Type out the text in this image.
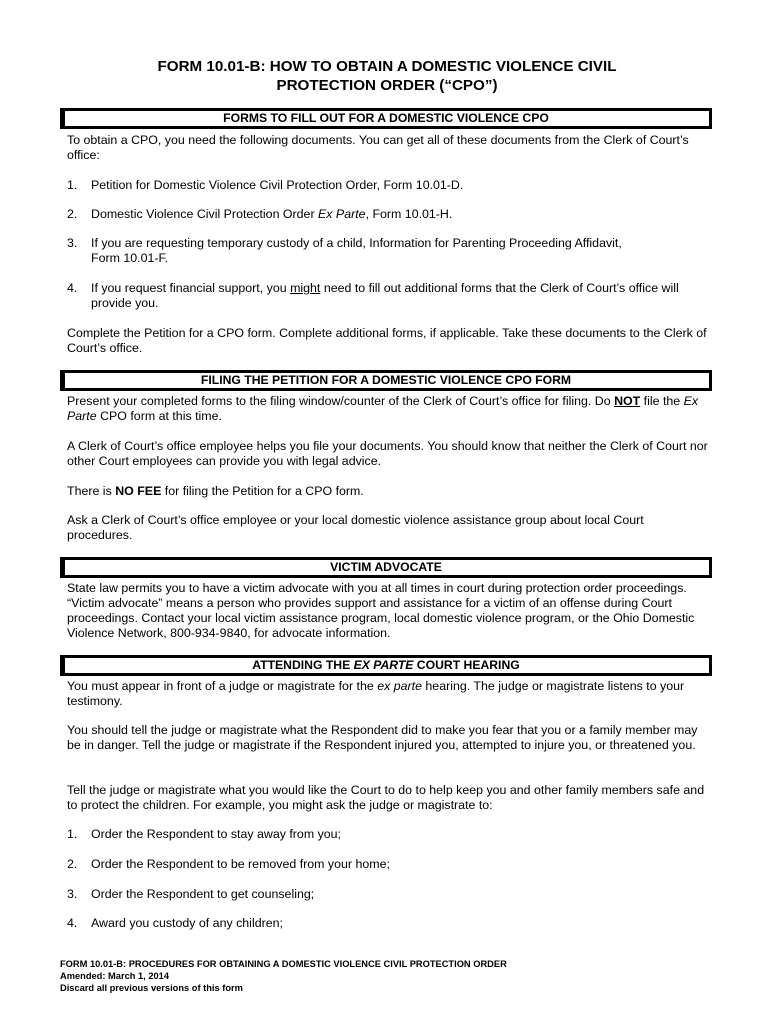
FORM 10.01-B: HOW TO OBTAIN A DOMESTIC VIOLENCE CIVIL
PROTECTION ORDER (“CPO”)
FORMS TO FILL OUT FOR A DOMESTIC VIOLENCE CPO
To obtain a CPO, you need the following documents. You can get all of these documents from the Clerk of Court’s office:
1.	Petition for Domestic Violence Civil Protection Order, Form 10.01-D.
2.	Domestic Violence Civil Protection Order Ex Parte, Form 10.01-H.
3.	If you are requesting temporary custody of a child, Information for Parenting Proceeding Affidavit, Form 10.01-F.
4.	If you request financial support, you might need to fill out additional forms that the Clerk of Court’s office will provide you.
Complete the Petition for a CPO form. Complete additional forms, if applicable. Take these documents to the Clerk of Court’s office.
FILING THE PETITION FOR A DOMESTIC VIOLENCE CPO FORM
Present your completed forms to the filing window/counter of the Clerk of Court’s office for filing. Do NOT file the Ex Parte CPO form at this time.
A Clerk of Court’s office employee helps you file your documents. You should know that neither the Clerk of Court nor other Court employees can provide you with legal advice.
There is NO FEE for filing the Petition for a CPO form.
Ask a Clerk of Court’s office employee or your local domestic violence assistance group about local Court procedures.
VICTIM ADVOCATE
State law permits you to have a victim advocate with you at all times in court during protection order proceedings. “Victim advocate” means a person who provides support and assistance for a victim of an offense during Court proceedings. Contact your local victim assistance program, local domestic violence program, or the Ohio Domestic Violence Network, 800-934-9840, for advocate information.
ATTENDING THE EX PARTE COURT HEARING
You must appear in front of a judge or magistrate for the ex parte hearing. The judge or magistrate listens to your testimony.
You should tell the judge or magistrate what the Respondent did to make you fear that you or a family member may be in danger. Tell the judge or magistrate if the Respondent injured you, attempted to injure you, or threatened you.
Tell the judge or magistrate what you would like the Court to do to help keep you and other family members safe and to protect the children. For example, you might ask the judge or magistrate to:
1.	Order the Respondent to stay away from you;
2.	Order the Respondent to be removed from your home;
3.	Order the Respondent to get counseling;
4.	Award you custody of any children;
FORM 10.01-B: PROCEDURES FOR OBTAINING A DOMESTIC VIOLENCE CIVIL PROTECTION ORDER
Amended: March 1, 2014
Discard all previous versions of this form
